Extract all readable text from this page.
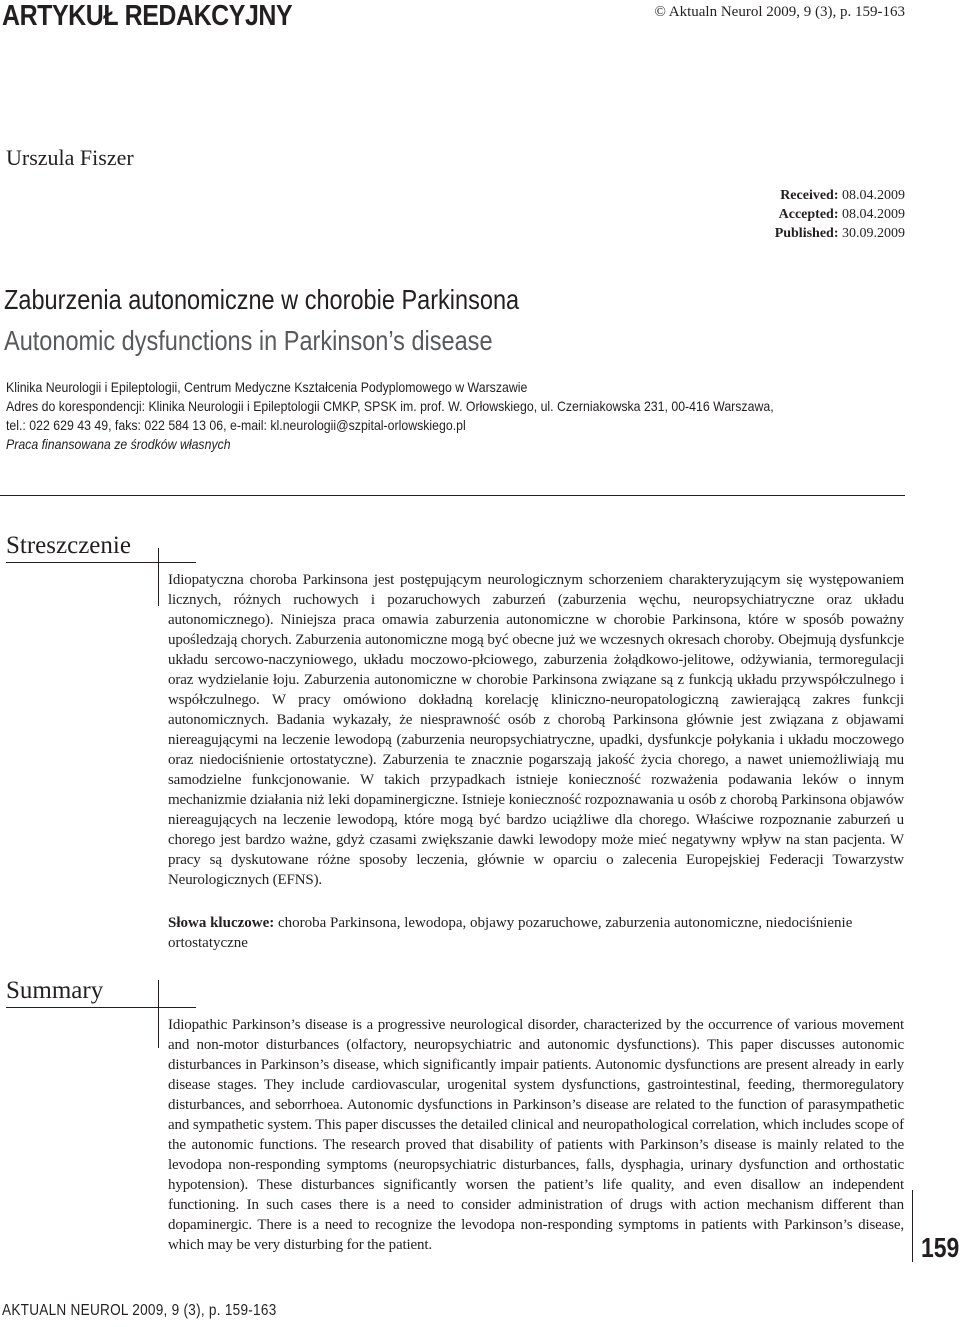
ARTYKUŁ REDAKCYJNY	© Aktualn Neurol 2009, 9 (3), p. 159-163
Urszula Fiszer
Received: 08.04.2009
Accepted: 08.04.2009
Published: 30.09.2009
Zaburzenia autonomiczne w chorobie Parkinsona
Autonomic dysfunctions in Parkinson’s disease
Klinika Neurologii i Epileptologii, Centrum Medyczne Kształcenia Podyplomowego w Warszawie
Adres do korespondencji: Klinika Neurologii i Epileptologii CMKP, SPSK im. prof. W. Orłowskiego, ul. Czerniakowska 231, 00-416 Warszawa,
tel.: 022 629 43 49, faks: 022 584 13 06, e-mail: kl.neurologii@szpital-orlowskiego.pl
Praca finansowana ze środków własnych
Streszczenie
Idiopatyczna choroba Parkinsona jest postępującym neurologicznym schorzeniem charakteryzującym się występowaniem licznych, różnych ruchowych i pozaruchowych zaburzeń (zaburzenia węchu, neuropsychiatryczne oraz układu autonomicznego). Niniejsza praca omawia zaburzenia autonomiczne w chorobie Parkinsona, które w sposób poważny upośledzają chorych. Zaburzenia autonomiczne mogą być obecne już we wczesnych okresach choroby. Obejmują dysfunkcje układu sercowo-naczyniowego, układu moczowo-płciowego, zaburzenia żołądkowo-jelitowe, odżywiania, termoregulacji oraz wydzielanie łoju. Zaburzenia autonomiczne w chorobie Parkinsona związane są z funkcją układu przywspółczulnego i współczulnego. W pracy omówiono dokładną korelację kliniczno-neuropatologiczną zawierającą zakres funkcji autonomicznych. Badania wykazały, że niesprawność osób z chorobą Parkinsona głównie jest związana z objawami niereagującymi na leczenie lewodopą (zaburzenia neuropsychiatryczne, upadki, dysfunkcje połykania i układu moczowego oraz niedociśnienie ortostatyczne). Zaburzenia te znacznie pogarszają jakość życia chorego, a nawet uniemożliwiają mu samodzielne funkcjonowanie. W takich przypadkach istnieje konieczność rozważenia podawania leków o innym mechanizmie działania niż leki dopaminergiczne. Istnieje konieczność rozpoznawania u osób z chorobą Parkinsona objawów niereagujących na leczenie lewodopą, które mogą być bardzo uciążliwe dla chorego. Właściwe rozpoznanie zaburzeń u chorego jest bardzo ważne, gdyż czasami zwiększanie dawki lewodopy może mieć negatywny wpływ na stan pacjenta. W pracy są dyskutowane różne sposoby leczenia, głównie w oparciu o zalecenia Europejskiej Federacji Towarzystw Neurologicznych (EFNS).
Słowa kluczowe: choroba Parkinsona, lewodopa, objawy pozaruchowe, zaburzenia autonomiczne, niedociśnienie ortostatyczne
Summary
Idiopathic Parkinson’s disease is a progressive neurological disorder, characterized by the occurrence of various movement and non-motor disturbances (olfactory, neuropsychiatric and autonomic dysfunctions). This paper discusses autonomic disturbances in Parkinson’s disease, which significantly impair patients. Autonomic dysfunctions are present already in early disease stages. They include cardiovascular, urogenital system dysfunctions, gastrointestinal, feeding, thermoregulatory disturbances, and seborrhoea. Autonomic dysfunctions in Parkinson’s disease are related to the function of parasympathetic and sympathetic system. This paper discusses the detailed clinical and neuropathological correlation, which includes scope of the autonomic functions. The research proved that disability of patients with Parkinson’s disease is mainly related to the levodopa non-responding symptoms (neuropsychiatric disturbances, falls, dysphagia, urinary dysfunction and orthostatic hypotension). These disturbances significantly worsen the patient’s life quality, and even disallow an independent functioning. In such cases there is a need to consider administration of drugs with action mechanism different than dopaminergic. There is a need to recognize the levodopa non-responding symptoms in patients with Parkinson’s disease, which may be very disturbing for the patient.	159
AKTUALN NEUROL 2009, 9 (3), p. 159-163
